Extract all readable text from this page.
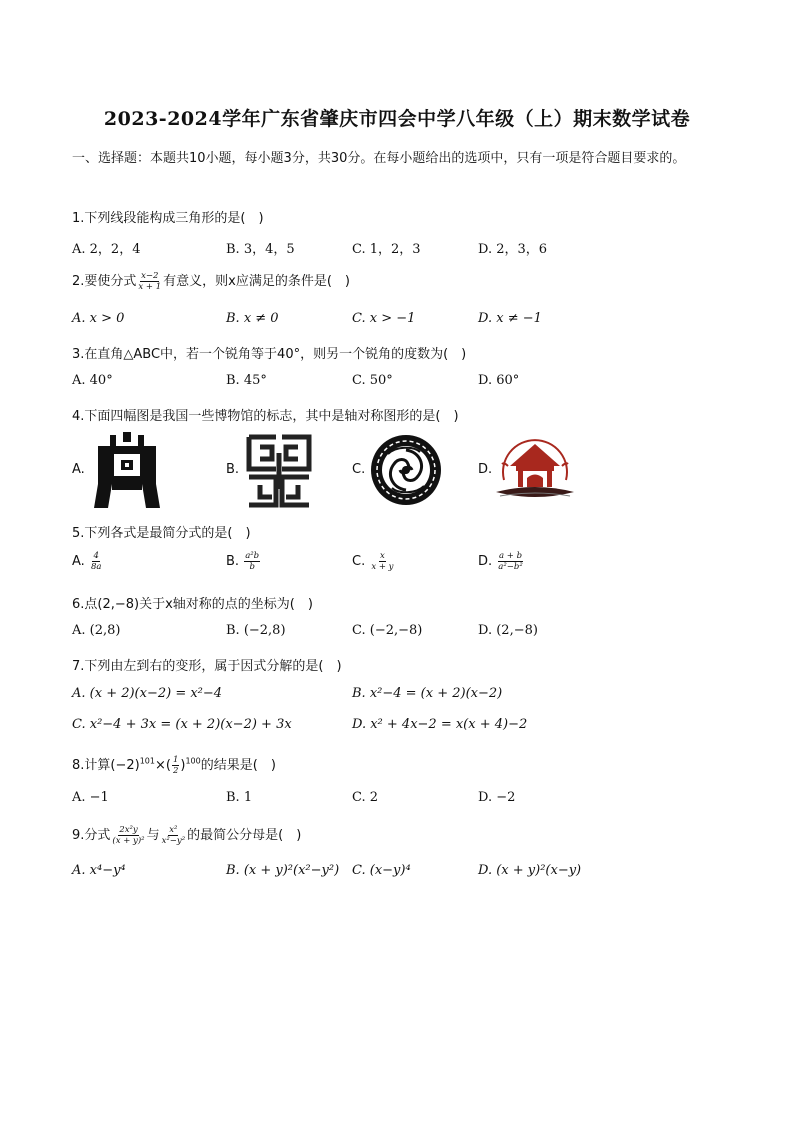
2023-2024学年广东省肇庆市四会中学八年级（上）期末数学试卷
一、选择题：本题共10小题，每小题3分，共30分。在每小题给出的选项中，只有一项是符合题目要求的。
1.下列线段能构成三角形的是(　)
A. 2，2，4	B. 3，4，5	C. 1，2，3	D. 2，3，6
2.要使分式 $\frac{x-2}{x + 1}$ 有意义，则x应满足的条件是(　)
A. x > 0	B. x ≠ 0	C. x > −1	D. x ≠ −1
3.在直角△ABC中，若一个锐角等于40°，则另一个锐角的度数为(　)
A. 40°	B. 45°	C. 50°	D. 60°
4.下面四幅图是我国一些博物馆的标志，其中是轴对称图形的是(　)
A.	B.	C.	D.
5.下列各式是最简分式的是(　)
A. $\frac{4}{8a}$	B. $\frac{\text{a²b}}{b}$	C. $\frac{x}{x + y}$	D. $\frac{a + b}{\text{a²−b²}}$
6.点(2,−8)关于x轴对称的点的坐标为(　)
A. (2,8)	B. (−2,8)	C. (−2,−8)	D. (2,−8)
7.下列由左到右的变形，属于因式分解的是(　)
A. (x + 2)(x−2) = x²−4	B. x²−4 = (x + 2)(x−2)
C. x²−4 + 3x = (x + 2)(x−2) + 3x	D. x² + 4x−2 = x(x + 4)−2
8.计算$(-2)^{101}\times( \frac{1}{2} )^{100}$的结果是(　)
A. −1	B. 1	C. 2	D. −2
9.分式 $\frac{\text{2x²y}}{\text{(x + y)²}}$ 与 $\frac{\text{x²}}{\text{x²−y²}}$ 的最简公分母是(　)
A. x⁴−y⁴	B. (x + y)²(x²−y²) C. (x−y)⁴	D. (x + y)²(x−y)
